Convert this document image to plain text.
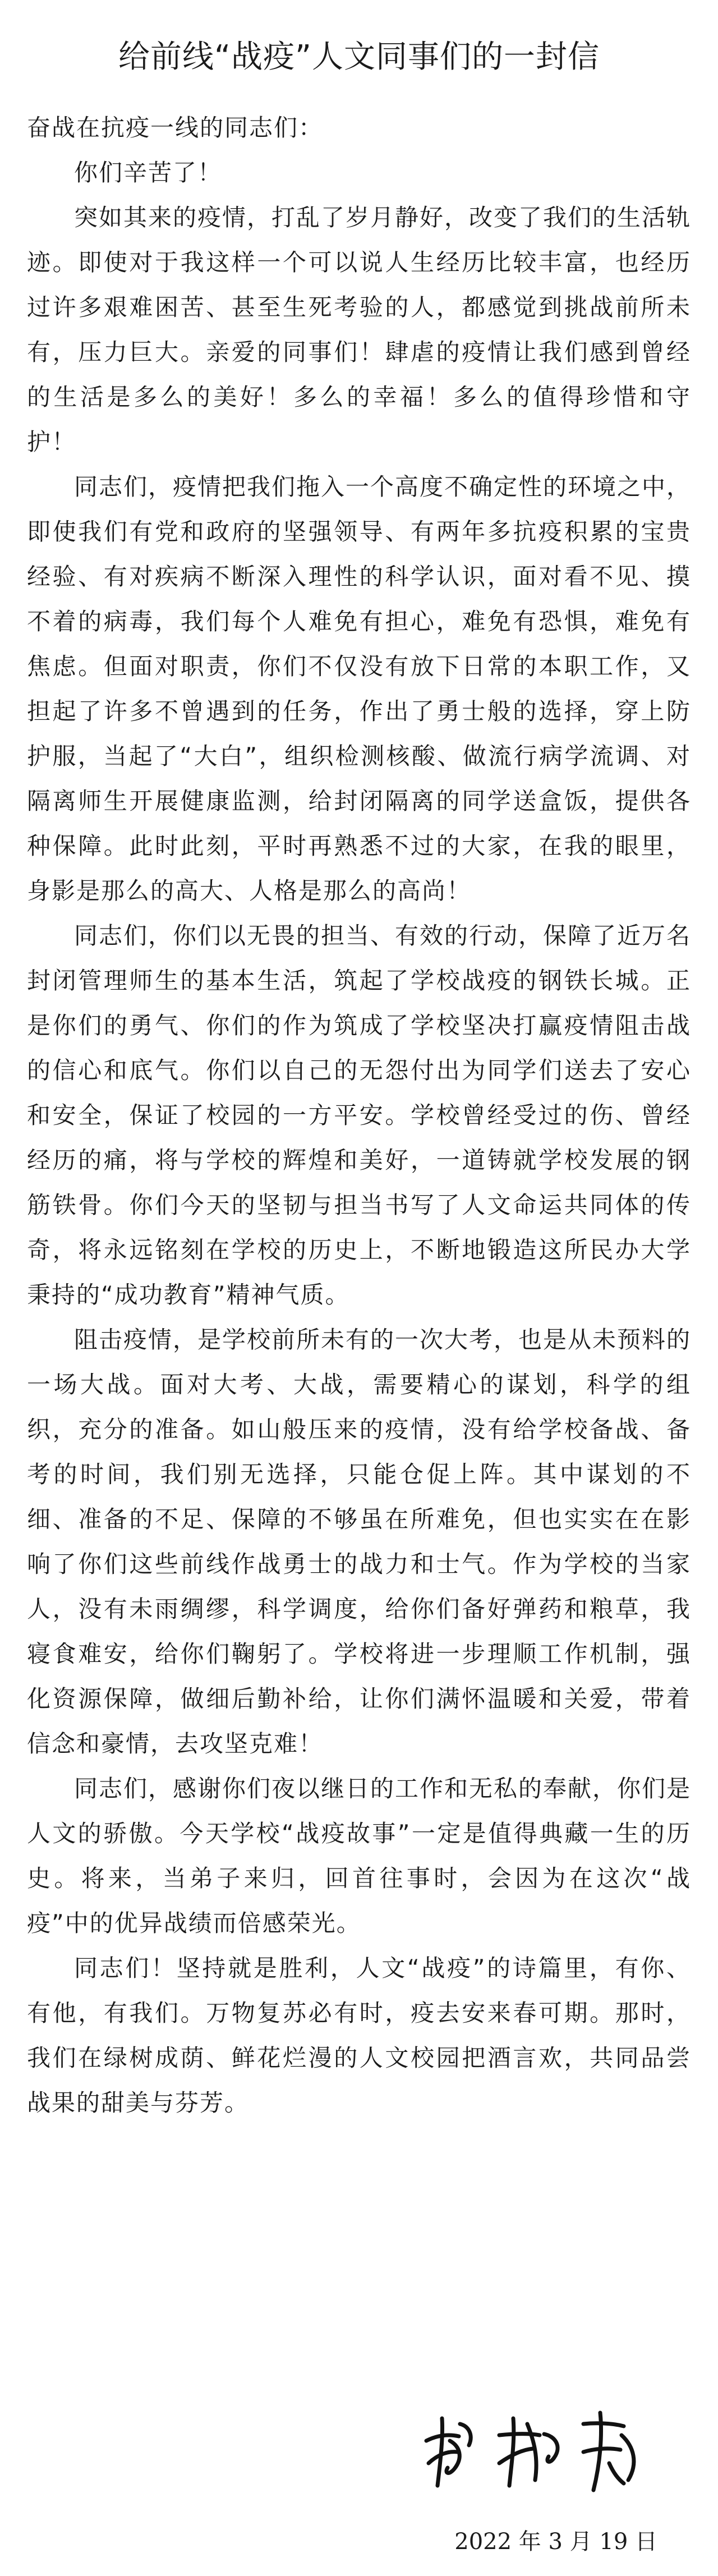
给前线“战疫”人文同事们的一封信

奋战在抗疫一线的同志们：

你们辛苦了！

突如其来的疫情，打乱了岁月静好，改变了我们的生活轨迹。即使对于我这样一个可以说人生经历比较丰富，也经历过许多艰难困苦、甚至生死考验的人，都感觉到挑战前所未有，压力巨大。亲爱的同事们！肆虐的疫情让我们感到曾经的生活是多么的美好！多么的幸福！多么的值得珍惜和守护！

同志们，疫情把我们拖入一个高度不确定性的环境之中，即使我们有党和政府的坚强领导、有两年多抗疫积累的宝贵经验、有对疾病不断深入理性的科学认识，面对看不见、摸不着的病毒，我们每个人难免有担心，难免有恐惧，难免有焦虑。但面对职责，你们不仅没有放下日常的本职工作，又担起了许多不曾遇到的任务，作出了勇士般的选择，穿上防护服，当起了“大白”，组织检测核酸、做流行病学流调、对隔离师生开展健康监测，给封闭隔离的同学送盒饭，提供各种保障。此时此刻，平时再熟悉不过的大家，在我的眼里，身影是那么的高大、人格是那么的高尚！

同志们，你们以无畏的担当、有效的行动，保障了近万名封闭管理师生的基本生活，筑起了学校战疫的钢铁长城。正是你们的勇气、你们的作为筑成了学校坚决打赢疫情阻击战的信心和底气。你们以自己的无怨付出为同学们送去了安心和安全，保证了校园的一方平安。学校曾经受过的伤、曾经经历的痛，将与学校的辉煌和美好，一道铸就学校发展的钢筋铁骨。你们今天的坚韧与担当书写了人文命运共同体的传奇，将永远铭刻在学校的历史上，不断地锻造这所民办大学秉持的“成功教育”精神气质。

阻击疫情，是学校前所未有的一次大考，也是从未预料的一场大战。面对大考、大战，需要精心的谋划，科学的组织，充分的准备。如山般压来的疫情，没有给学校备战、备考的时间，我们别无选择，只能仓促上阵。其中谋划的不细、准备的不足、保障的不够虽在所难免，但也实实在在影响了你们这些前线作战勇士的战力和士气。作为学校的当家人，没有未雨绸缪，科学调度，给你们备好弹药和粮草，我寝食难安，给你们鞠躬了。学校将进一步理顺工作机制，强化资源保障，做细后勤补给，让你们满怀温暖和关爱，带着信念和豪情，去攻坚克难！

同志们，感谢你们夜以继日的工作和无私的奉献，你们是人文的骄傲。今天学校“战疫故事”一定是值得典藏一生的历史。将来，当弟子来归，回首往事时，会因为在这次“战疫”中的优异战绩而倍感荣光。

同志们！坚持就是胜利，人文“战疫”的诗篇里，有你、有他，有我们。万物复苏必有时，疫去安来春可期。那时，我们在绿树成荫、鲜花烂漫的人文校园把酒言欢，共同品尝战果的甜美与芬芳。

2022 年 3 月 19 日
